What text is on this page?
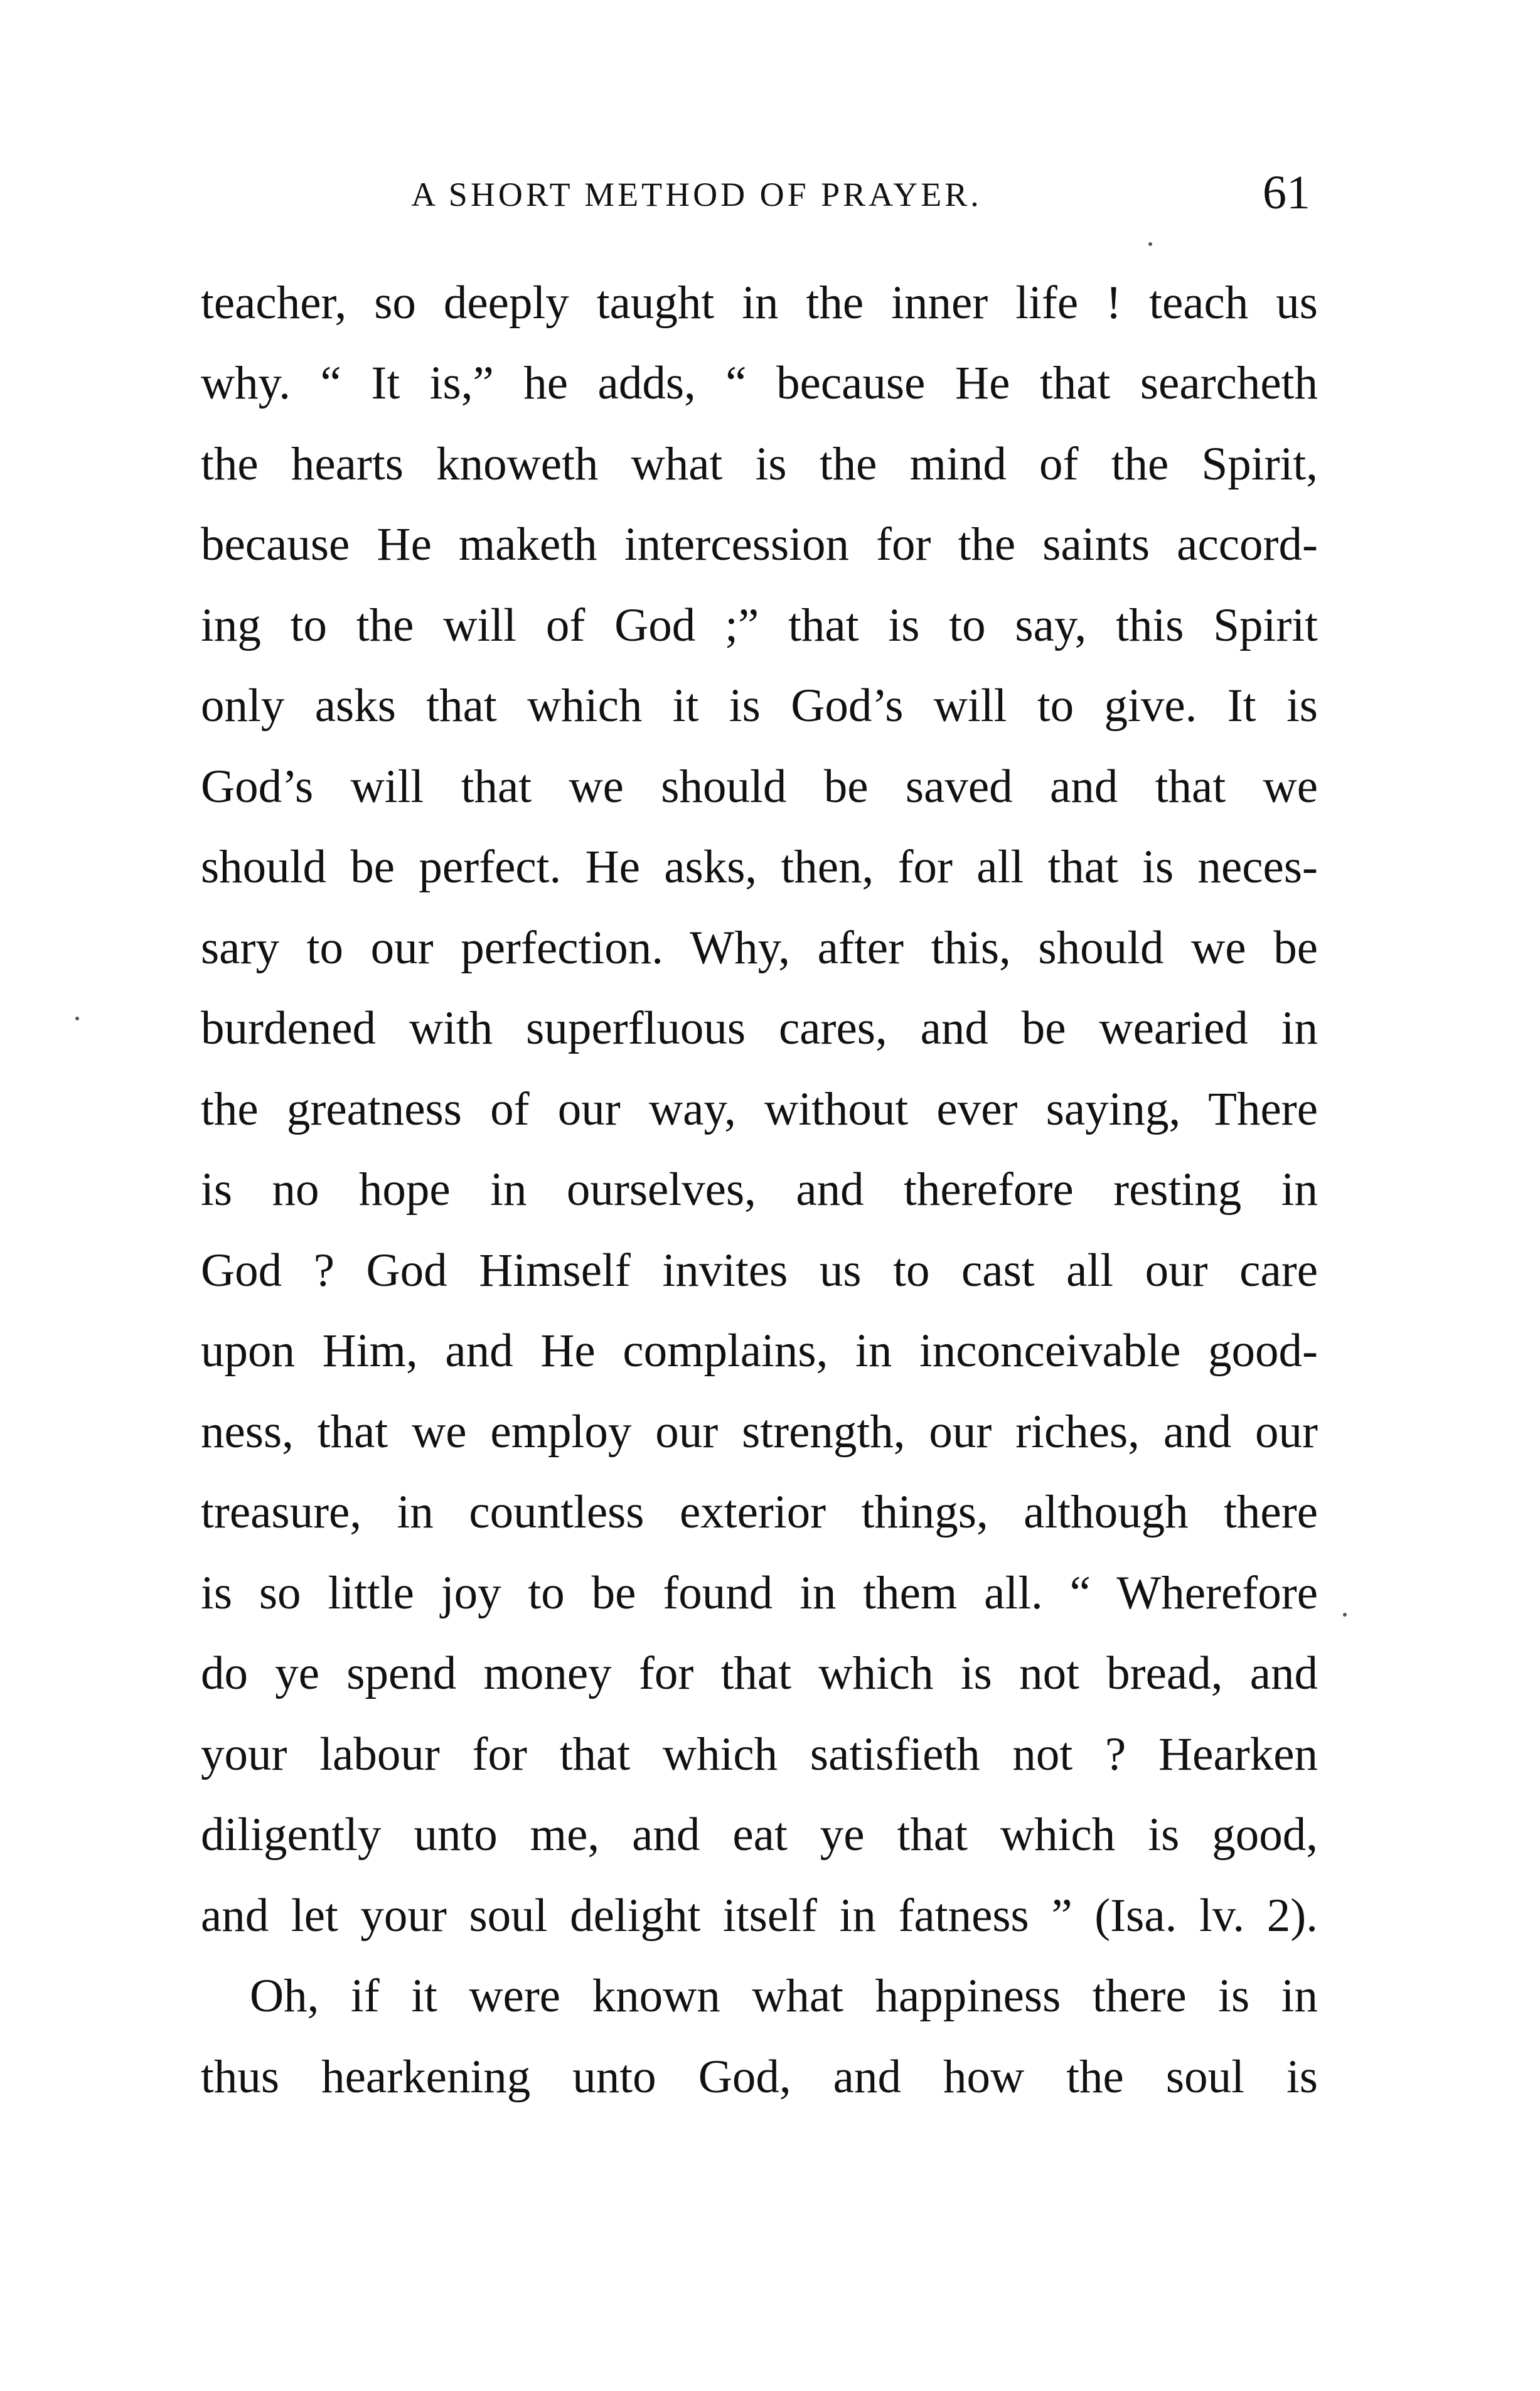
A SHORT METHOD OF PRAYER.	61
teacher, so deeply taught in the inner life ! teach us
why. “ It is,” he adds, “ because He that searcheth
the hearts knoweth what is the mind of the Spirit,
because He maketh intercession for the saints accord-
ing to the will of God ;” that is to say, this Spirit
only asks that which it is God’s will to give. It is
God’s will that we should be saved and that we
should be perfect. He asks, then, for all that is neces-
sary to our perfection. Why, after this, should we be
burdened with superfluous cares, and be wearied in
the greatness of our way, without ever saying, There
is no hope in ourselves, and therefore resting in
God ? God Himself invites us to cast all our care
upon Him, and He complains, in inconceivable good-
ness, that we employ our strength, our riches, and our
treasure, in countless exterior things, although there
is so little joy to be found in them all. “ Wherefore
do ye spend money for that which is not bread, and
your labour for that which satisfieth not ? Hearken
diligently unto me, and eat ye that which is good,
and let your soul delight itself in fatness ” (Isa. lv. 2).
Oh, if it were known what happiness there is in
thus hearkening unto God, and how the soul is
